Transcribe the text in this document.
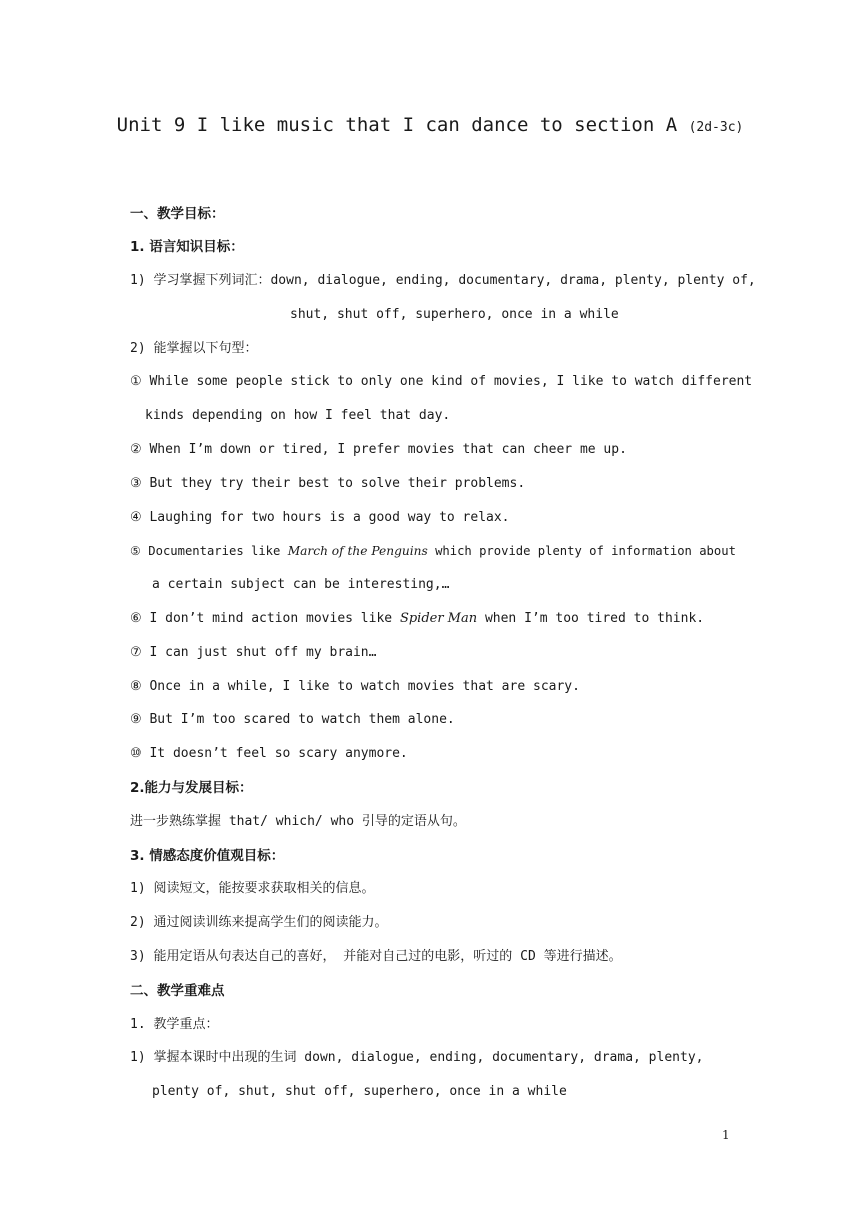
Unit 9 I like music that I can dance to section A (2d-3c)
一、教学目标：
1. 语言知识目标：
1) 学习掌握下列词汇：down, dialogue, ending, documentary, drama, plenty, plenty of,
shut, shut off, superhero, once in a while
2) 能掌握以下句型：
① While some people stick to only one kind of movies, I like to watch different
kinds depending on how I feel that day.
② When I’m down or tired, I prefer movies that can cheer me up.
③ But they try their best to solve their problems.
④ Laughing for two hours is a good way to relax.
⑤ Documentaries like March of the Penguins which provide plenty of information about
a certain subject can be interesting,…
⑥ I don’t mind action movies like Spider Man when I’m too tired to think.
⑦ I can just shut off my brain…
⑧ Once in a while, I like to watch movies that are scary.
⑨ But I’m too scared to watch them alone.
⑩ It doesn’t feel so scary anymore.
2.能力与发展目标：
进一步熟练掌握 that/ which/ who 引导的定语从句。
3. 情感态度价值观目标：
1) 阅读短文，能按要求获取相关的信息。
2) 通过阅读训练来提高学生们的阅读能力。
3) 能用定语从句表达自己的喜好， 并能对自己过的电影，听过的 CD 等进行描述。
二、教学重难点
1. 教学重点：
1) 掌握本课时中出现的生词 down, dialogue, ending, documentary, drama, plenty,
plenty of, shut, shut off, superhero, once in a while
1
